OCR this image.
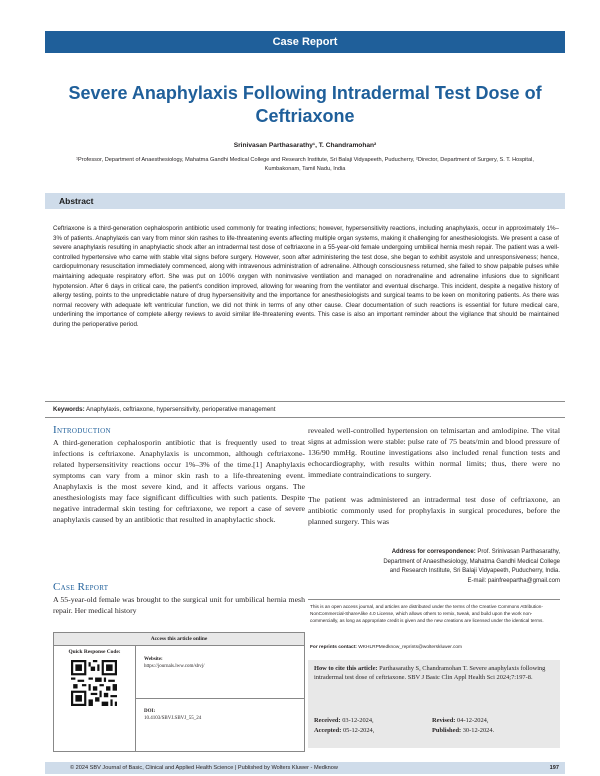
Case Report
Severe Anaphylaxis Following Intradermal Test Dose of Ceftriaxone
Srinivasan Parthasarathy¹, T. Chandramohan²
¹Professor, Department of Anaesthesiology, Mahatma Gandhi Medical College and Research Institute, Sri Balaji Vidyapeeth, Puducherry, ²Director, Department of Surgery, S. T. Hospital, Kumbakonam, Tamil Nadu, India
Abstract

Ceftriaxone is a third-generation cephalosporin antibiotic used commonly for treating infections; however, hypersensitivity reactions, including anaphylaxis, occur in approximately 1%–3% of patients. Anaphylaxis can vary from minor skin rashes to life-threatening events affecting multiple organ systems, making it challenging for anesthesiologists. We present a case of severe anaphylaxis resulting in anaphylactic shock after an intradermal test dose of ceftriaxone in a 55-year-old female undergoing umbilical hernia mesh repair. The patient was a well-controlled hypertensive who came with stable vital signs before surgery. However, soon after administering the test dose, she began to exhibit asystole and unresponsiveness; hence, cardiopulmonary resuscitation immediately commenced, along with intravenous administration of adrenaline. Although consciousness returned, she failed to show palpable pulses while maintaining adequate respiratory effort. She was put on 100% oxygen with noninvasive ventilation and managed on noradrenaline and adrenaline infusions due to significant hypotension. After 6 days in critical care, the patient's condition improved, allowing for weaning from the ventilator and eventual discharge. This incident, despite a negative history of allergy testing, points to the unpredictable nature of drug hypersensitivity and the importance for anesthesiologists and surgical teams to be keen on monitoring patients. As there was normal recovery with adequate left ventricular function, we did not think in terms of any other cause. Clear documentation of such reactions is essential for future medical care, underlining the importance of complete allergy reviews to avoid similar life-threatening events. This case is also an important reminder about the vigilance that should be maintained during the perioperative period.

Keywords: Anaphylaxis, ceftriaxone, hypersensitivity, perioperative management
Introduction

A third-generation cephalosporin antibiotic that is frequently used to treat infections is ceftriaxone. Anaphylaxis is uncommon, although ceftriaxone-related hypersensitivity reactions occur 1%–3% of the time.[1] Anaphylaxis symptoms can vary from a minor skin rash to a life-threatening event. Anaphylaxis is the most severe kind, and it affects various organs. The anesthesiologists may face significant difficulties with such patients. Despite negative intradermal skin testing for ceftriaxone, we report a case of severe anaphylaxis caused by an antibiotic that resulted in anaphylactic shock.

Case Report

A 55-year-old female was brought to the surgical unit for umbilical hernia mesh repair. Her medical history

revealed well-controlled hypertension on telmisartan and amlodipine. The vital signs at admission were stable: pulse rate of 75 beats/min and blood pressure of 136/90 mmHg. Routine investigations also included renal function tests and echocardiography, with results within normal limits; thus, there were no immediate contraindications to surgery.

The patient was administered an intradermal test dose of ceftriaxone, an antibiotic commonly used for prophylaxis in surgical procedures, before the planned surgery. This was

Access this article online
Quick Response Code:
Website:
https://journals.lww.com/sbvj/
DOI:
10.4103/SBVJ.SBVJ_55_24
Address for correspondence: Prof. Srinivasan Parthasarathy,
Department of Anaesthesiology, Mahatma Gandhi Medical College
and Research Institute, Sri Balaji Vidyapeeth, Puducherry, India.
E-mail: painfreepartha@gmail.com

This is an open access journal, and articles are distributed under the terms of the Creative Commons Attribution-NonCommercial-ShareAlike 4.0 License, which allows others to remix, tweak, and build upon the work non-commercially, as long as appropriate credit is given and the new creations are licensed under the identical terms.

For reprints contact: WKHLRPMedknow_reprints@wolterskluwer.com
How to cite this article: Parthasarathy S, Chandramohan T. Severe anaphylaxis following intradermal test dose of ceftriaxone. SBV J Basic Clin Appl Health Sci 2024;7:197-8.
Received: 03-12-2024,	Revised: 04-12-2024,
Accepted: 05-12-2024,	Published: 30-12-2024.
© 2024 SBV Journal of Basic, Clinical and Applied Health Science | Published by Wolters Kluwer - Medknow	197
